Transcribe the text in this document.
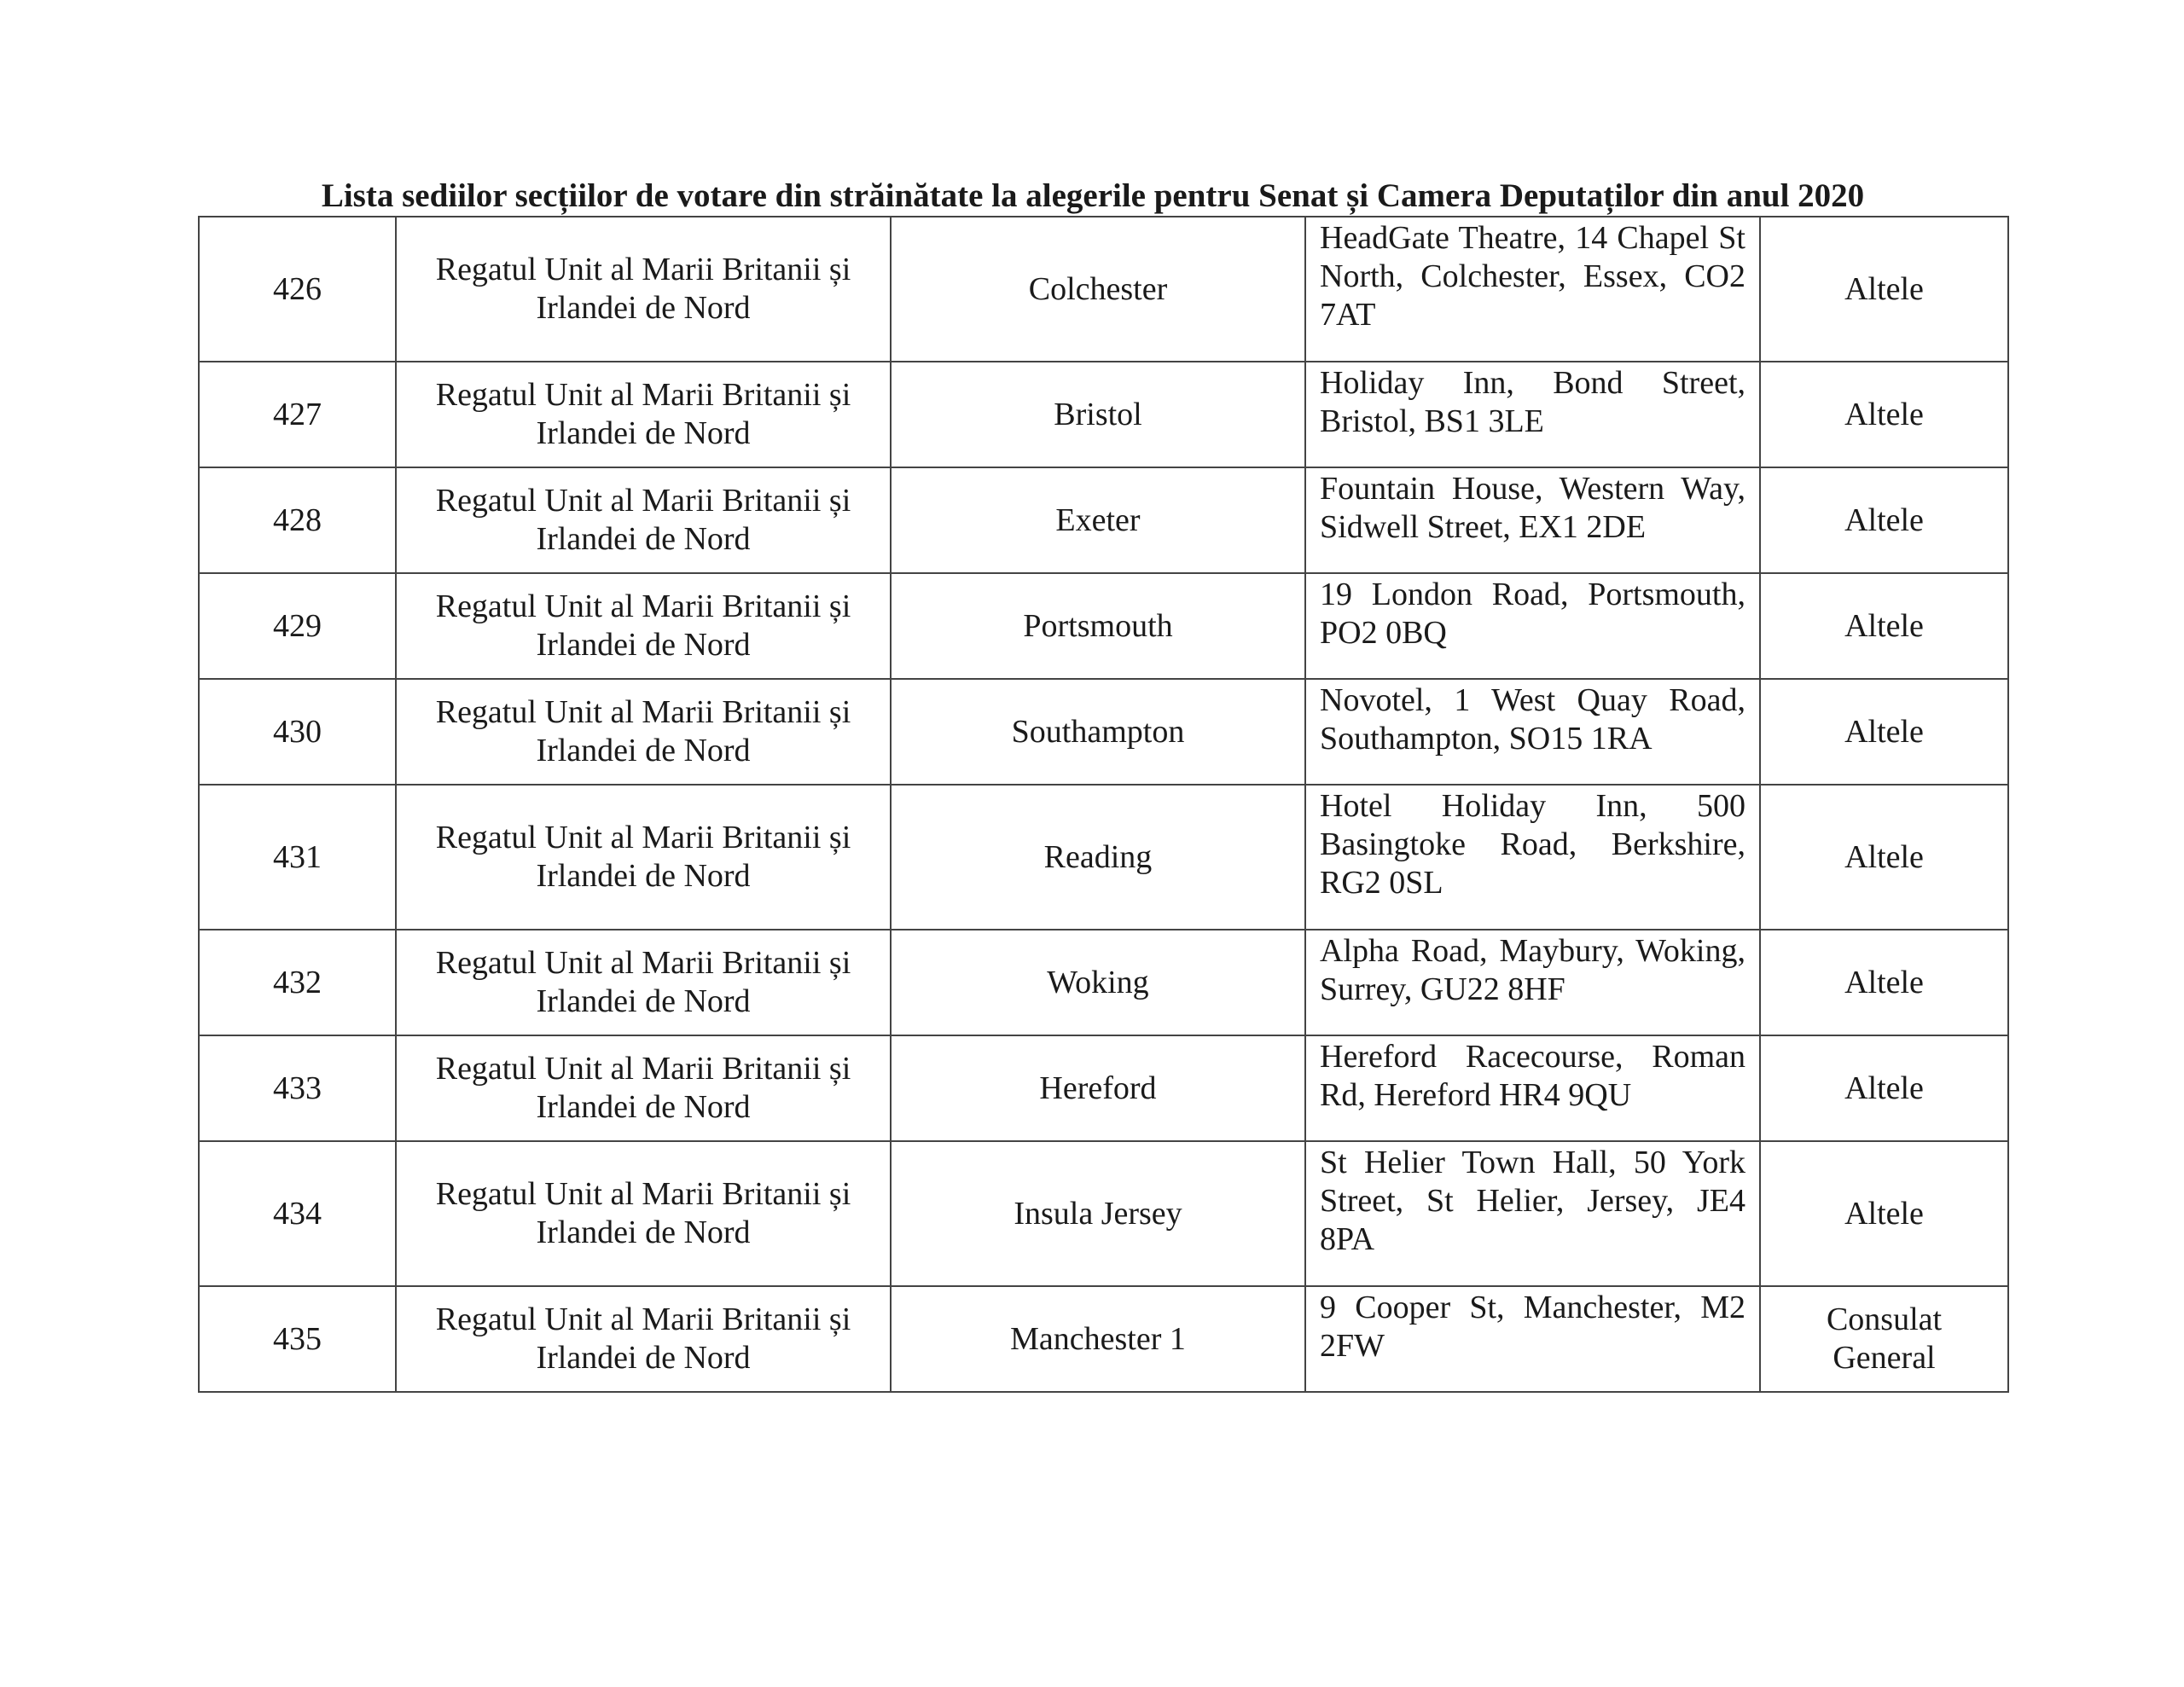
Lista sediilor secțiilor de votare din străinătate la alegerile pentru Senat și Camera Deputaților din anul 2020
426	Regatul Unit al Marii Britanii și Irlandei de Nord	Colchester	HeadGate Theatre, 14 Chapel St North, Colchester, Essex, CO2 7AT	Altele
427	Regatul Unit al Marii Britanii și Irlandei de Nord	Bristol	Holiday Inn, Bond Street, Bristol, BS1 3LE	Altele
428	Regatul Unit al Marii Britanii și Irlandei de Nord	Exeter	Fountain House, Western Way, Sidwell Street, EX1 2DE	Altele
429	Regatul Unit al Marii Britanii și Irlandei de Nord	Portsmouth	19 London Road, Portsmouth, PO2 0BQ	Altele
430	Regatul Unit al Marii Britanii și Irlandei de Nord	Southampton	Novotel, 1 West Quay Road, Southampton, SO15 1RA	Altele
431	Regatul Unit al Marii Britanii și Irlandei de Nord	Reading	Hotel Holiday Inn, 500 Basingtoke Road, Berkshire, RG2 0SL	Altele
432	Regatul Unit al Marii Britanii și Irlandei de Nord	Woking	Alpha Road, Maybury, Woking, Surrey, GU22 8HF	Altele
433	Regatul Unit al Marii Britanii și Irlandei de Nord	Hereford	Hereford Racecourse, Roman Rd, Hereford HR4 9QU	Altele
434	Regatul Unit al Marii Britanii și Irlandei de Nord	Insula Jersey	St Helier Town Hall, 50 York Street, St Helier, Jersey, JE4 8PA	Altele
435	Regatul Unit al Marii Britanii și Irlandei de Nord	Manchester 1	9 Cooper St, Manchester, M2 2FW	Consulat General
